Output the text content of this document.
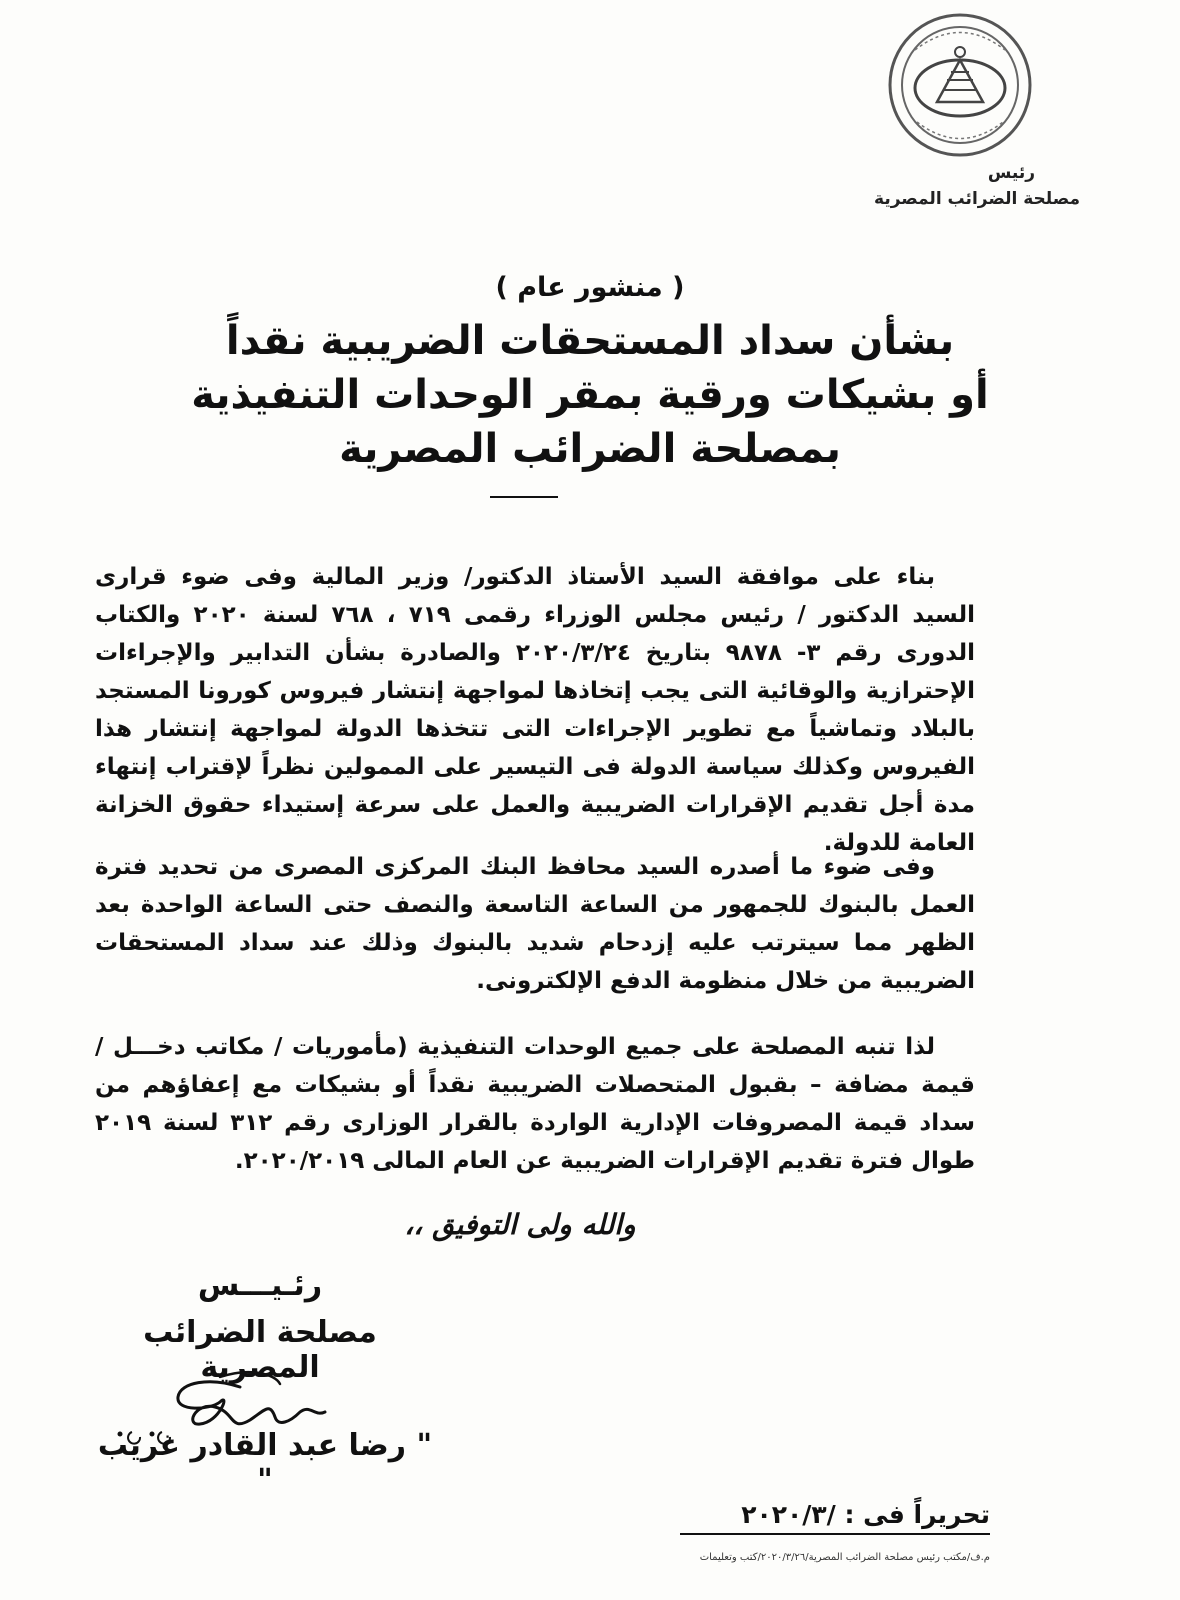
رئيس
مصلحة الضرائب المصرية
( منشور عام )
بشأن سداد المستحقات الضريبية نقداً
أو بشيكات ورقية بمقر الوحدات التنفيذية
بمصلحة الضرائب المصرية
بناء على موافقة السيد الأستاذ الدكتور/ وزير المالية وفى ضوء قرارى السيد الدكتور / رئيس مجلس الوزراء رقمى ٧١٩ ، ٧٦٨ لسنة ٢٠٢٠ والكتاب الدورى رقم ٣- ٩٨٧٨ بتاريخ ٢٠٢٠/٣/٢٤ والصادرة بشأن التدابير والإجراءات الإحترازية والوقائية التى يجب إتخاذها لمواجهة إنتشار فيروس كورونا المستجد بالبلاد وتماشياً مع تطوير الإجراءات التى تتخذها الدولة لمواجهة إنتشار هذا الفيروس وكذلك سياسة الدولة فى التيسير على الممولين نظراً لإقتراب إنتهاء مدة أجل تقديم الإقرارات الضريبية والعمل على سرعة إستيداء حقوق الخزانة العامة للدولة.
وفى ضوء ما أصدره السيد محافظ البنك المركزى المصرى من تحديد فترة العمل بالبنوك للجمهور من الساعة التاسعة والنصف حتى الساعة الواحدة بعد الظهر مما سيترتب عليه إزدحام شديد بالبنوك وذلك عند سداد المستحقات الضريبية من خلال منظومة الدفع الإلكترونى.
لذا تنبه المصلحة على جميع الوحدات التنفيذية (مأموريات / مكاتب دخـــل / قيمة مضافة – بقبول المتحصلات الضريبية نقداً أو بشيكات مع إعفاؤهم من سداد قيمة المصروفات الإدارية الواردة بالقرار الوزارى رقم ٣١٢ لسنة ٢٠١٩ طوال فترة تقديم الإقرارات الضريبية عن العام المالى ٢٠٢٠/٢٠١٩.
والله ولى التوفيق ،،
رئـيـــس
مصلحة الضرائب المصرية
" رضا عبد القادر غريب "
تحريراً فى : /٢٠٢٠/٣
م.ف/مكتب رئيس مصلحة الضرائب المصرية/٢٠٢٠/٣/٢٦/كتب وتعليمات
